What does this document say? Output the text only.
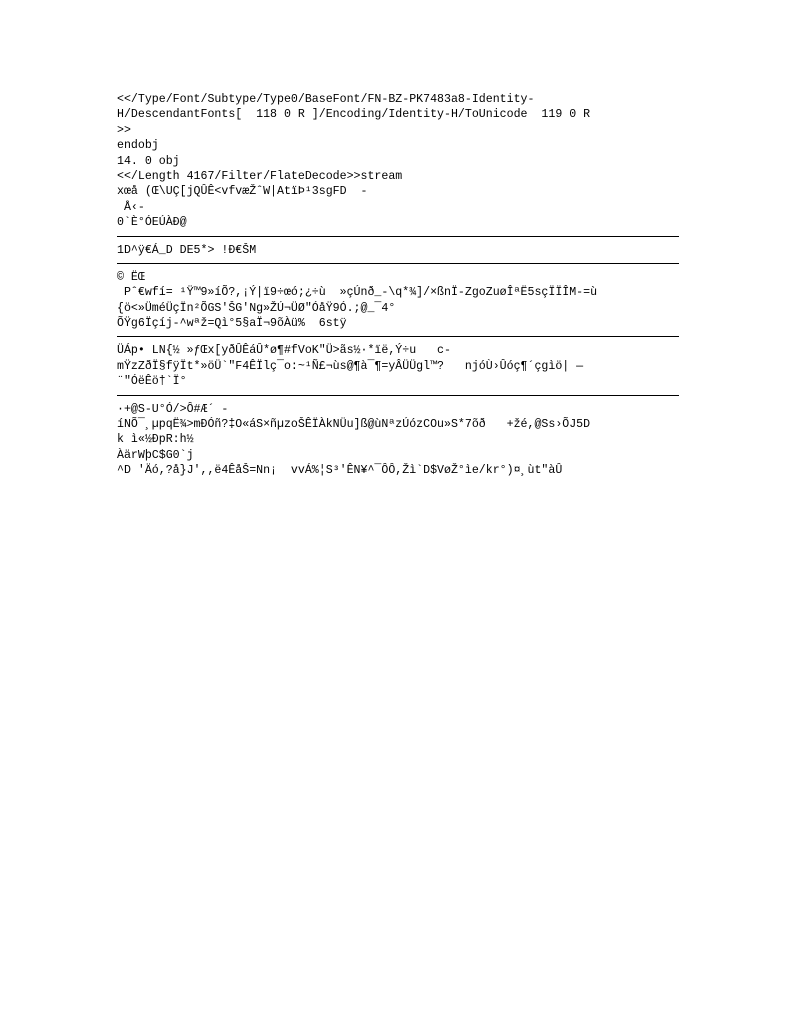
<</Type/Font/Subtype/Type0/BaseFont/FN-BZ-PK7483a8-Identity-
H/DescendantFonts[  118 0 R ]/Encoding/Identity-H/ToUnicode  119 0 R
>>
endobj
14. 0 obj
<</Length 4167/Filter/FlateDecode>>stream
xœå (Œ\UÇ[jQÛÊ<vfvæŽˆW|AtïÞ¹3sgFD  -
Å‹-
0`È°ÓEÚÀÐ@
1D^ÿ€Á_D DE5*> !Ð€ŠM
© ËŒ
Pˆ€wfí= ¹Ÿ™9»íÕ?,¡Ý|ï9÷œó;¿÷ù  »çÚnð_-\q*¾]/×ßnÏ-ZgoZuøÎªË5sçÏÏÎM-=ù
{ö<»ÜméÜçÏn²ÕGS'ŠG'Ng»ŽÚ¬ÜØ"ÓåŸ9Ó.;@_¯4°
ÕŸg6Ïçíj-^wªž=Qì°5§aÏ¬9õÀü%  6stÿ
ÜÁp• LN{½ »ƒŒx[yðÛÊáÛ*ø¶#fVoK"Ü>ãs½·*ïë,Ý÷u   c-
mŸzZðÏ§fÿÏt*»öÜ`"F4ÊÏlç¯o:~¹Ñ£¬ùs@¶à¯¶=yÂÜÜgl™?   njóÙ›Ûóç¶´çgìö| —
¨"ÓëÊö†`Ï°
·+@S-U°Ó/>Ô#Æ´ -
íNÕ¯¸µpqË¾>mÐÓñ?‡O«áS×ñµzoŠÊÏÀkNÜu]ß@ùNªzÚózCOu»S*7õð   +žé,@Ss›ÕJ5D
k ì«½ÐpR:h½
ÀärWþC$G0`j
^D 'Äó,?å}J',,ë4ÊåŠ=Nn¡  vvÁ%¦S³'ÊN¥^¯ÔÔ,Žì`D$VøŽ°ìe/kr°)¤¸ùt"àÛ
